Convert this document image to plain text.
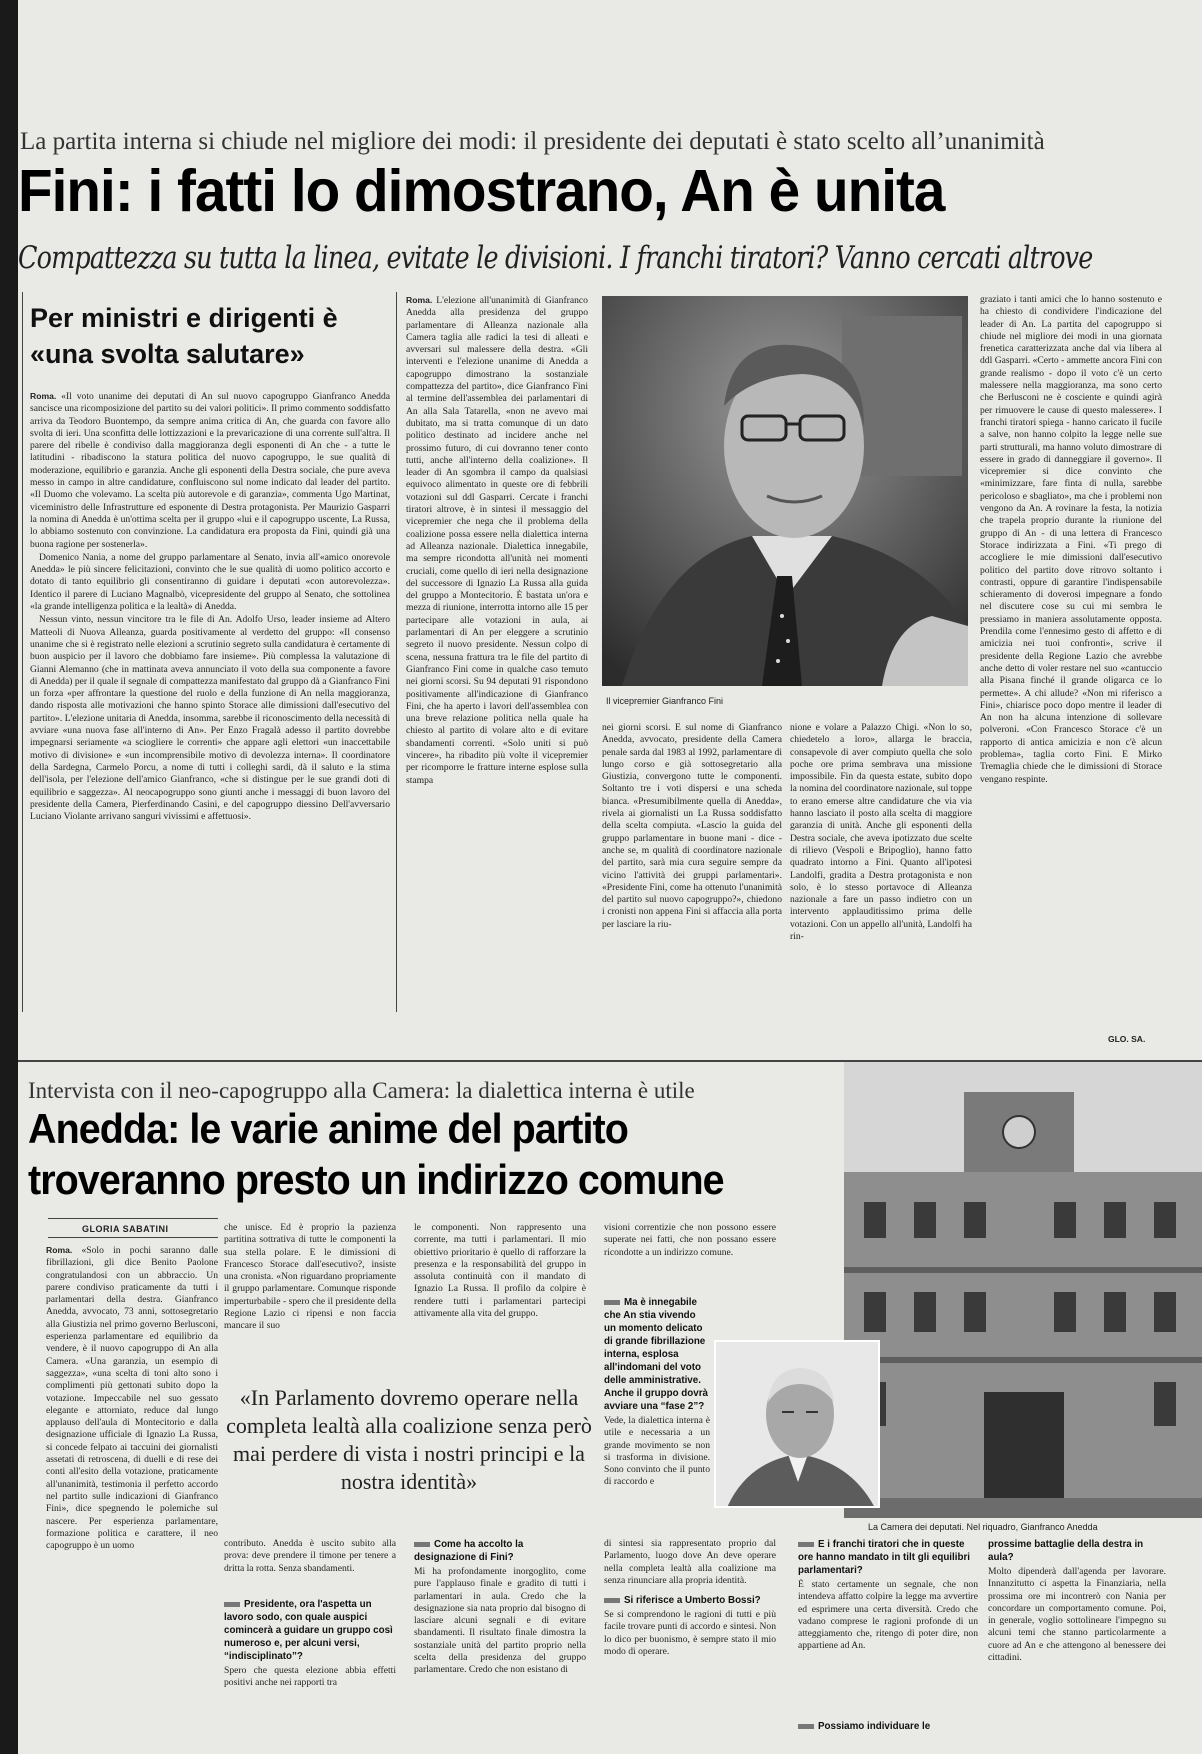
La partita interna si chiude nel migliore dei modi: il presidente dei deputati è stato scelto all’unanimità
Fini: i fatti lo dimostrano, An è unita
Compattezza su tutta la linea, evitate le divisioni. I franchi tiratori? Vanno cercati altrove
Per ministri e dirigenti è «una svolta salutare»

Roma. «Il voto unanime dei deputati di An sul nuovo capogruppo Gianfranco Anedda sancisce una ricomposizione del partito su dei valori politici». Il primo commento soddisfatto arriva da Teodoro Buontempo, da sempre anima critica di An, che guarda con favore allo svolta di ieri. Una sconfitta delle lottizzazioni e la prevaricazione di una corrente sull'altra. Il parere del ribelle è condiviso dalla maggioranza degli esponenti di An che - a tutte le latitudini - ribadiscono la statura politica del nuovo capogruppo, le sue qualità di moderazione, equilibrio e garanzia. Anche gli esponenti della Destra sociale, che pure aveva messo in campo in altre candidature, confluiscono sul nome indicato dal leader del partito. «Il Duomo che volevamo. La scelta più autorevole e di garanzia», commenta Ugo Martinat, viceministro delle Infrastrutture ed esponente di Destra protagonista. Per Maurizio Gasparri la nomina di Anedda è un'ottima scelta per il gruppo «lui e il capogruppo uscente, La Russa, lo abbiamo sostenuto con convinzione. La candidatura era proposta da Fini, quindi già una buona ragione per sostenerla».

Domenico Nania, a nome del gruppo parlamentare al Senato, invia all'«amico onorevole Anedda» le più sincere felicitazioni, convinto che le sue qualità di uomo politico accorto e dotato di tanto equilibrio gli consentiranno di guidare i deputati «con autorevolezza». Identico il parere di Luciano Magnalbò, vicepresidente del gruppo al Senato, che sottolinea «la grande intelligenza politica e la lealtà» di Anedda.

Nessun vinto, nessun vincitore tra le file di An. Adolfo Urso, leader insieme ad Altero Matteoli di Nuova Alleanza, guarda positivamente al verdetto del gruppo: «Il consenso unanime che si è registrato nelle elezioni a scrutinio segreto sulla candidatura è certamente di buon auspicio per il lavoro che dobbiamo fare insieme». Più complessa la valutazione di Gianni Alemanno (che in mattinata aveva annunciato il voto della sua componente a favore di Anedda) per il quale il segnale di compattezza manifestato dal gruppo dà a Gianfranco Fini un forza «per affrontare la questione del ruolo e della funzione di An nella maggioranza, dando risposta alle motivazioni che hanno spinto Storace alle dimissioni dall'esecutivo del partito». L'elezione unitaria di Anedda, insomma, sarebbe il riconoscimento della necessità di avviare «una nuova fase all'interno di An». Per Enzo Fragalà adesso il partito dovrebbe impegnarsi seriamente «a sciogliere le correnti» che appare agli elettori «un inaccettabile motivo di divisione» e «un incomprensibile motivo di devolezza interna». Il coordinatore della Sardegna, Carmelo Porcu, a nome di tutti i colleghi sardi, dà il saluto e la stima dell'isola, per l'elezione dell'amico Gianfranco, «che si distingue per le sue grandi doti di equilibrio e saggezza». Al neocapogruppo sono giunti anche i messaggi di buon lavoro del presidente della Camera, Pierferdinando Casini, e del capogruppo diessino Dell'avversario Luciano Violante arrivano sanguri vivissimi e affettuosi».

Roma. L'elezione all'unanimità di Gianfranco Anedda alla presidenza del gruppo parlamentare di Alleanza nazionale alla Camera taglia alle radici la tesi di alleati e avversari sul malessere della destra. «Gli interventi e l'elezione unanime di Anedda a capogruppo dimostrano la sostanziale compattezza del partito», dice Gianfranco Fini al termine dell'assemblea dei parlamentari di An alla Sala Tatarella, «non ne avevo mai dubitato, ma si tratta comunque di un dato politico destinato ad incidere anche nel prossimo futuro, di cui dovranno tener conto tutti, anche all'interno della coalizione». Il leader di An sgombra il campo da qualsiasi equivoco alimentato in queste ore di febbrili votazioni sul ddl Gasparri. Cercate i franchi tiratori altrove, è in sintesi il messaggio del vicepremier che nega che il problema della coalizione possa essere nella dialettica interna ad Alleanza nazionale. Dialettica innegabile, ma sempre ricondotta all'unità nei momenti cruciali, come quello di ieri nella designazione del successore di Ignazio La Russa alla guida del gruppo a Montecitorio. È bastata un'ora e mezza di riunione, interrotta intorno alle 15 per partecipare alle votazioni in aula, ai parlamentari di An per eleggere a scrutinio segreto il nuovo presidente. Nessun colpo di scena, nessuna frattura tra le file del partito di Gianfranco Fini come in qualche caso temuto nei giorni scorsi. Su 94 deputati 91 rispondono positivamente all'indicazione di Gianfranco Fini, che ha aperto i lavori dell'assemblea con una breve relazione politica nella quale ha chiesto al partito di volare alto e di evitare sbandamenti correnti. «Solo uniti si può vincere», ha ribadito più volte il vicepremier per ricomporre le fratture interne esplose sulla stampa

Il vicepremier Gianfranco Fini

nei giorni scorsi. E sul nome di Gianfranco Anedda, avvocato, presidente della Camera penale sarda dal 1983 al 1992, parlamentare di lungo corso e già sottosegretario alla Giustizia, convergono tutte le componenti. Soltanto tre i voti dispersi e una scheda bianca. «Presumibilmente quella di Anedda», rivela ai giornalisti un La Russa soddisfatto della scelta compiuta. «Lascio la guida del gruppo parlamentare in buone mani - dice - anche se, m qualità di coordinatore nazionale del partito, sarà mia cura seguire sempre da vicino l'attività dei gruppi parlamentari». «Presidente Fini, come ha ottenuto l'unanimità del partito sul nuovo capogruppo?», chiedono i cronisti non appena Fini si affaccia alla porta per lasciare la riu-

nione e volare a Palazzo Chigi. «Non lo so, chiedetelo a loro», allarga le braccia, consapevole di aver compiuto quella che solo poche ore prima sembrava una missione impossibile. Fin da questa estate, subito dopo la nomina del coordinatore nazionale, sul toppe to erano emerse altre candidature che via via hanno lasciato il posto alla scelta di maggiore garanzia di unità. Anche gli esponenti della Destra sociale, che aveva ipotizzato due scelte di rilievo (Vespoli e Bripoglio), hanno fatto quadrato intorno a Fini. Quanto all'ipotesi Landolfi, gradita a Destra protagonista e non solo, è lo stesso portavoce di Alleanza nazionale a fare un passo indietro con un intervento applauditissimo prima delle votazioni. Con un appello all'unità, Landolfi ha rin-

graziato i tanti amici che lo hanno sostenuto e ha chiesto di condividere l'indicazione del leader di An. La partita del capogruppo si chiude nel migliore dei modi in una giornata frenetica caratterizzata anche dal via libera al ddl Gasparri. «Certo - ammette ancora Fini con grande realismo - dopo il voto c'è un certo malessere nella maggioranza, ma sono certo che Berlusconi ne è cosciente e quindi agirà per rimuovere le cause di questo malessere». I franchi tiratori spiega - hanno caricato il fucile a salve, non hanno colpito la legge nelle sue parti strutturali, ma hanno voluto dimostrare di essere in grado di danneggiare il governo». Il vicepremier si dice convinto che «minimizzare, fare finta di nulla, sarebbe pericoloso e sbagliato», ma che i problemi non vengono da An. A rovinare la festa, la notizia che trapela proprio durante la riunione del gruppo di An - di una lettera di Francesco Storace indirizzata a Fini. «Ti prego di accogliere le mie dimissioni dall'esecutivo politico del partito dove ritrovo soltanto i contrasti, oppure di garantire l'indispensabile schieramento di doverosi impegnare a fondo nel discutere cose su cui mi sembra le pressiamo in maniera assolutamente opposta. Prendila come l'ennesimo gesto di affetto e di amicizia nei tuoi confronti», scrive il presidente della Regione Lazio che avrebbe anche detto di voler restare nel suo «cantuccio alla Pisana finché il grande oligarca ce lo permette». A chi allude? «Non mi riferisco a Fini», chiarisce poco dopo mentre il leader di An non ha alcuna intenzione di sollevare polveroni. «Con Francesco Storace c'è un rapporto di antica amicizia e non c'è alcun problema», taglia corto Fini. E Mirko Tremaglia chiede che le dimissioni di Storace vengano respinte.

GLO. SA.
Intervista con il neo-capogruppo alla Camera: la dialettica interna è utile
Anedda: le varie anime del partito
troveranno presto un indirizzo comune
La Camera dei deputati. Nel riquadro, Gianfranco Anedda
GLORIA SABATINI

Roma. «Solo in pochi saranno dalle fibrillazioni, gli dice Benito Paolone congratulandosi con un abbraccio. Un parere condiviso praticamente da tutti i parlamentari della destra. Gianfranco Anedda, avvocato, 73 anni, sottosegretario alla Giustizia nel primo governo Berlusconi, esperienza parlamentare ed equilibrio da vendere, è il nuovo capogruppo di An alla Camera. «Una garanzia, un esempio di saggezza», «una scelta di toni alto sono i complimenti più gettonati subito dopo la votazione. Impeccabile nel suo gessato elegante e attorniato, reduce dal lungo applauso dell'aula di Montecitorio e dalla designazione ufficiale di Ignazio La Russa, si concede felpato ai taccuini dei giornalisti assetati di retroscena, di duelli e di rese dei conti all'esito della votazione, praticamente all'unanimità, testimonia il perfetto accordo nel partito sulle indicazioni di Gianfranco Fini», dice spegnendo le polemiche sul nascere. Per esperienza parlamentare, formazione politica e carattere, il neo capogruppo è un uomo

che unisce. Ed è proprio la pazienza partitina sottrativa di tutte le componenti la sua stella polare. E le dimissioni di Francesco Storace dall'esecutivo?, insiste una cronista. «Non riguardano propriamente il gruppo parlamentare. Comunque risponde imperturbabile - spero che il presidente della Regione Lazio ci ripensi e non faccia mancare il suo

le componenti. Non rappresento una corrente, ma tutti i parlamentari. Il mio obiettivo prioritario è quello di rafforzare la presenza e la responsabilità del gruppo in assoluta continuità con il mandato di Ignazio La Russa. Il profilo da colpire è rendere tutti i parlamentari partecipi attivamente alla vita del gruppo.

visioni correntizie che non possono essere superate nei fatti, che non possano essere ricondotte a un indirizzo comune.

Ma è innegabile che An stia vivendo un momento delicato di grande fibrillazione interna, esplosa all'indomani del voto delle amministrative. Anche il gruppo dovrà avviare una “fase 2”?

Vede, la dialettica interna è utile e necessaria a un grande movimento se non si trasforma in divisione. Sono convinto che il punto di raccordo e

«In Parlamento dovremo operare nella completa lealtà alla coalizione senza però mai perdere di vista i nostri principi e la nostra identità»

contributo. Anedda è uscito subito alla prova: deve prendere il timone per tenere a dritta la rotta. Senza sbandamenti.

Presidente, ora l'aspetta un lavoro sodo, con quale auspici comincerà a guidare un gruppo così numeroso e, per alcuni versi, “indisciplinato”?

Spero che questa elezione abbia effetti positivi anche nei rapporti tra

Come ha accolto la designazione di Fini?

Mi ha profondamente inorgoglito, come pure l'applauso finale e gradito di tutti i parlamentari in aula. Credo che la designazione sia nata proprio dal bisogno di lasciare alcuni segnali e di evitare sbandamenti. Il risultato finale dimostra la sostanziale unità del partito proprio nella scelta della presidenza del gruppo parlamentare. Credo che non esistano di

di sintesi sia rappresentato proprio dal Parlamento, luogo dove An deve operare nella completa lealtà alla coalizione ma senza rinunciare alla propria identità.

Si riferisce a Umberto Bossi?

Se si comprendono le ragioni di tutti e più facile trovare punti di accordo e sintesi. Non lo dico per buonismo, è sempre stato il mio modo di operare.

Possiamo individuare le
E i franchi tiratori che in queste ore hanno mandato in tilt gli equilibri parlamentari?

È stato certamente un segnale, che non intendeva affatto colpire la legge ma avvertire ed esprimere una certa diversità. Credo che vadano comprese le ragioni profonde di un atteggiamento che, ritengo di poter dire, non appartiene ad An.

prossime battaglie della destra in aula?

Molto dipenderà dall'agenda per lavorare. Innanzitutto ci aspetta la Finanziaria, nella prossima ore mi incontrerò con Nania per concordare un comportamento comune. Poi, in generale, voglio sottolineare l'impegno su alcuni temi che stanno particolarmente a cuore ad An e che attengono al benessere dei cittadini.
